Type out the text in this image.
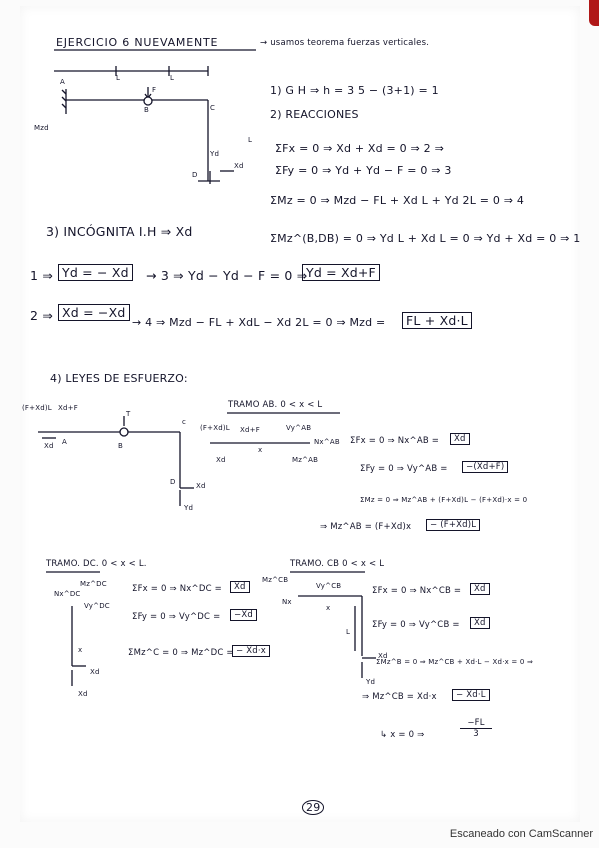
EJERCICIO 6 NUEVAMENTE	→ usamos teorema fuerzas verticales.
A	L	L
F
B	C
L
D
Yd
Xd
Mzd
1) G H ⇒ h = 3 5 − (3+1) = 1
2) REACCIONES
ΣFx = 0 ⇒ Xd + Xd = 0 ⇒ 2 ⇒
ΣFy = 0 ⇒ Yd + Yd − F = 0 ⇒ 3
ΣMz = 0 ⇒ Mzd − FL + Xd L + Yd 2L = 0 ⇒ 4
ΣMz^(B,DB) = 0 ⇒ Yd L + Xd L = 0 ⇒ Yd + Xd = 0 ⇒ 1
3) INCÓGNITA I.H ⇒ Xd
1 ⇒ Yd = − Xd	→ 3 ⇒ Yd − Yd − F = 0 ⇒
Yd = Xd+F
2 ⇒ Xd = −Xd
→ 4 ⇒ Mzd − FL + XdL − Xd 2L = 0 ⇒ Mzd =	FL + Xd·L
4) LEYES DE ESFUERZO:
(F+Xd)L Xd+F
A	B
c
D
T
Xd
Xd
Yd
TRAMO AB. 0 < x < L
(F+Xd)L Xd+F
x
Vy^AB
Nx^AB
Mz^AB
Xd
ΣFx = 0 ⇒ Nx^AB =	Xd
ΣFy = 0 ⇒ Vy^AB =	−(Xd+F)
ΣMz = 0 ⇒ Mz^AB + (F+Xd)L − (F+Xd)·x = 0
⇒ Mz^AB = (F+Xd)x	− (F+Xd)L
TRAMO. DC. 0 < x < L.
Mz^DC
Nx^DC
Vy^DC
x
Xd
Xd
ΣFx = 0 ⇒ Nx^DC =	Xd
ΣFy = 0 ⇒ Vy^DC =	−Xd
ΣMz^C = 0 ⇒ Mz^DC = − Xd·x
TRAMO. CB 0 < x < L
Mz^CB
Vy^CB
Nx
x
L
Xd
Yd
ΣFx = 0 ⇒ Nx^CB =	Xd
ΣFy = 0 ⇒ Vy^CB =	Xd
ΣMz^B = 0 ⇒ Mz^CB + Xd·L − Xd·x = 0 ⇒
⇒ Mz^CB = Xd·x	− Xd·L
↳ x = 0 ⇒	$\frac{-FL}{3}$
29
Escaneado con CamScanner
